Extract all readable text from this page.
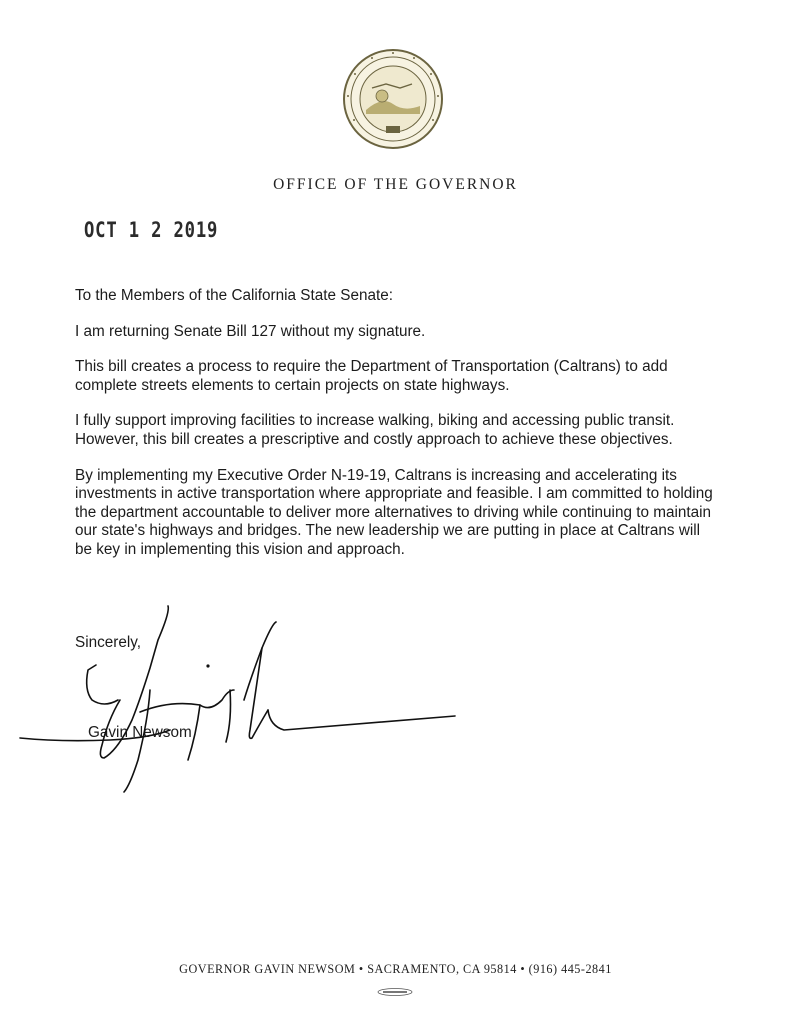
OFFICE OF THE GOVERNOR
OCT 1 2 2019

To the Members of the California State Senate:

I am returning Senate Bill 127 without my signature.

This bill creates a process to require the Department of Transportation (Caltrans) to add complete streets elements to certain projects on state highways.

I fully support improving facilities to increase walking, biking and accessing public transit. However, this bill creates a prescriptive and costly approach to achieve these objectives.

By implementing my Executive Order N-19-19, Caltrans is increasing and accelerating its investments in active transportation where appropriate and feasible. I am committed to holding the department accountable to deliver more alternatives to driving while continuing to maintain our state's highways and bridges. The new leadership we are putting in place at Caltrans will be key in implementing this vision and approach.

Sincerely,
Gavin Newsom
GOVERNOR GAVIN NEWSOM • SACRAMENTO, CA 95814 • (916) 445-2841
